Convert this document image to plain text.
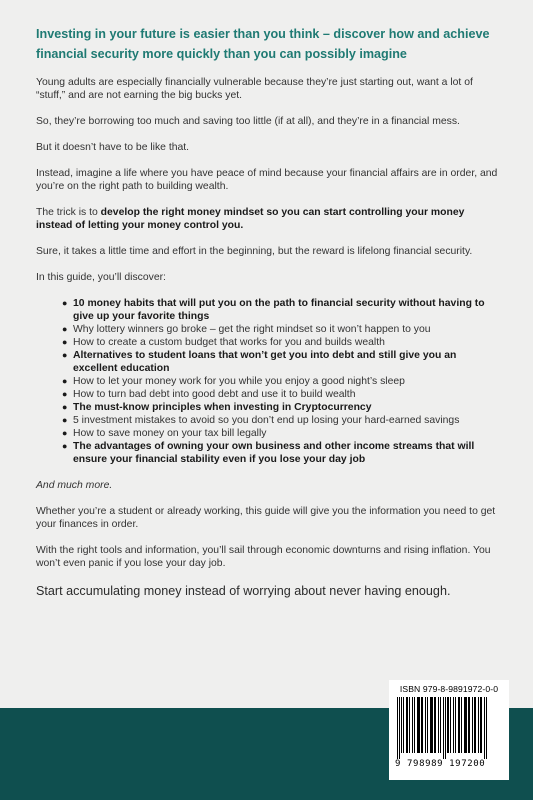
Investing in your future is easier than you think – discover how and achieve financial security more quickly than you can possibly imagine

Young adults are especially financially vulnerable because they’re just starting out, want a lot of “stuff,” and are not earning the big bucks yet.

So, they’re borrowing too much and saving too little (if at all), and they’re in a financial mess.

But it doesn’t have to be like that.

Instead, imagine a life where you have peace of mind because your financial affairs are in order, and you’re on the right path to building wealth.

The trick is to develop the right money mindset so you can start controlling your money instead of letting your money control you.

Sure, it takes a little time and effort in the beginning, but the reward is lifelong financial security.

In this guide, you’ll discover:

● 10 money habits that will put you on the path to financial security without having to give up your favorite things
● Why lottery winners go broke – get the right mindset so it won’t happen to you
● How to create a custom budget that works for you and builds wealth
● Alternatives to student loans that won’t get you into debt and still give you an excellent education
● How to let your money work for you while you enjoy a good night’s sleep
● How to turn bad debt into good debt and use it to build wealth
● The must-know principles when investing in Cryptocurrency
● 5 investment mistakes to avoid so you don’t end up losing your hard-earned savings
● How to save money on your tax bill legally
● The advantages of owning your own business and other income streams that will ensure your financial stability even if you lose your day job

And much more.

Whether you’re a student or already working, this guide will give you the information you need to get your finances in order.

With the right tools and information, you’ll sail through economic downturns and rising inflation. You won’t even panic if you lose your day job.

Start accumulating money instead of worrying about never having enough.

ISBN 979-8-9891972-0-0
9 798989 197200
